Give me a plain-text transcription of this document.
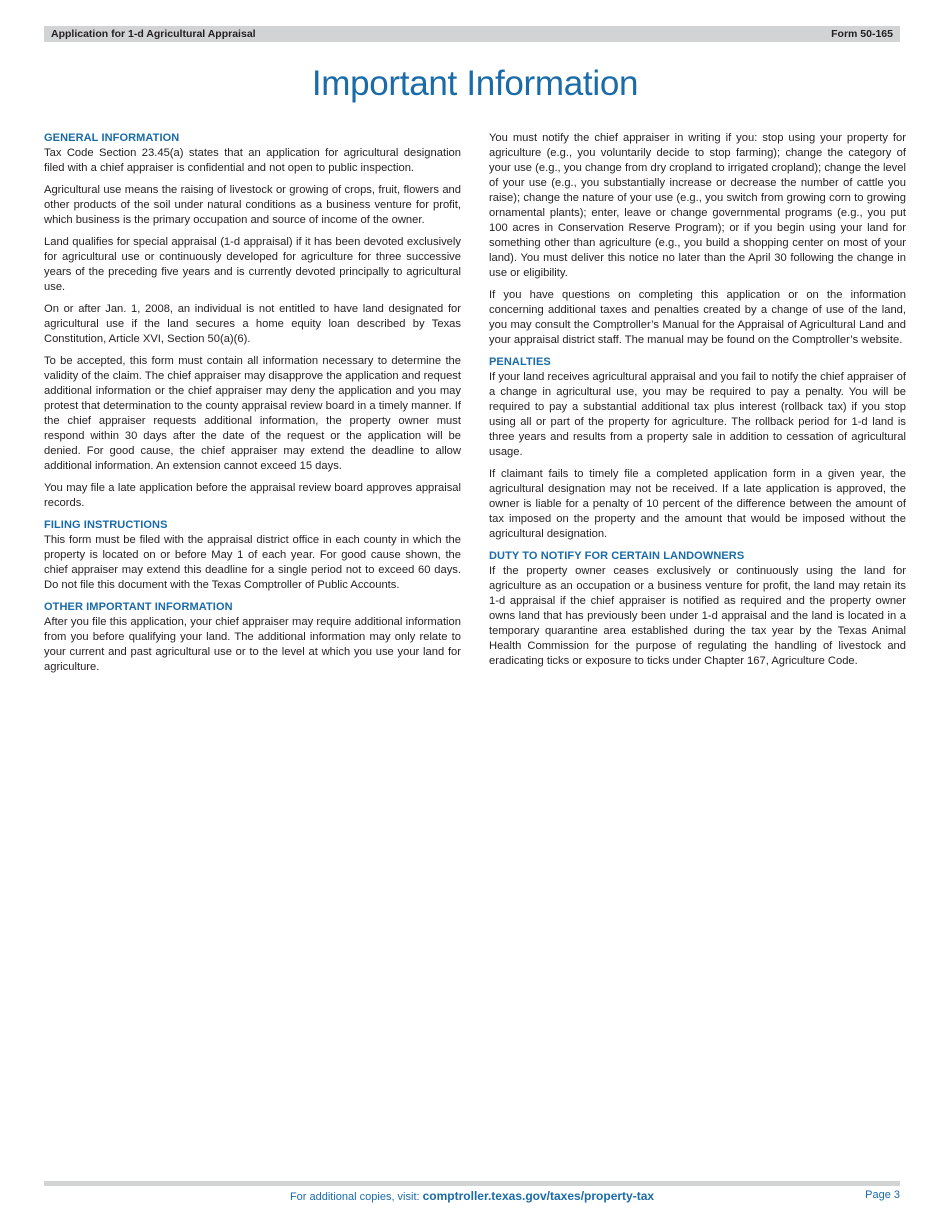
Application for 1-d Agricultural Appraisal	Form 50-165
Important Information
GENERAL INFORMATION

Tax Code Section 23.45(a) states that an application for agricultural designation filed with a chief appraiser is confidential and not open to public inspection.

Agricultural use means the raising of livestock or growing of crops, fruit, flowers and other products of the soil under natural conditions as a business venture for profit, which business is the primary occupation and source of income of the owner.

Land qualifies for special appraisal (1-d appraisal) if it has been devoted exclusively for agricultural use or continuously developed for agriculture for three successive years of the preceding five years and is currently devoted principally to agricultural use.

On or after Jan. 1, 2008, an individual is not entitled to have land designated for agricultural use if the land secures a home equity loan described by Texas Constitution, Article XVI, Section 50(a)(6).

To be accepted, this form must contain all information necessary to determine the validity of the claim. The chief appraiser may disapprove the application and request additional information or the chief appraiser may deny the application and you may protest that determination to the county appraisal review board in a timely manner. If the chief appraiser requests additional information, the property owner must respond within 30 days after the date of the request or the application will be denied. For good cause, the chief appraiser may extend the deadline to allow additional information. An extension cannot exceed 15 days.

You may file a late application before the appraisal review board approves appraisal records.

FILING INSTRUCTIONS

This form must be filed with the appraisal district office in each county in which the property is located on or before May 1 of each year. For good cause shown, the chief appraiser may extend this deadline for a single period not to exceed 60 days. Do not file this document with the Texas Comptroller of Public Accounts.

OTHER IMPORTANT INFORMATION

After you file this application, your chief appraiser may require additional information from you before qualifying your land. The additional information may only relate to your current and past agricultural use or to the level at which you use your land for agriculture.

You must notify the chief appraiser in writing if you: stop using your property for agriculture (e.g., you voluntarily decide to stop farming); change the category of your use (e.g., you change from dry cropland to irrigated cropland); change the level of your use (e.g., you substantially increase or decrease the number of cattle you raise); change the nature of your use (e.g., you switch from growing corn to growing ornamental plants); enter, leave or change governmental programs (e.g., you put 100 acres in Conservation Reserve Program); or if you begin using your land for something other than agriculture (e.g., you build a shopping center on most of your land). You must deliver this notice no later than the April 30 following the change in use or eligibility.

If you have questions on completing this application or on the information concerning additional taxes and penalties created by a change of use of the land, you may consult the Comptroller’s Manual for the Appraisal of Agricultural Land and your appraisal district staff. The manual may be found on the Comptroller’s website.

PENALTIES

If your land receives agricultural appraisal and you fail to notify the chief appraiser of a change in agricultural use, you may be required to pay a penalty. You will be required to pay a substantial additional tax plus interest (rollback tax) if you stop using all or part of the property for agriculture. The rollback period for 1-d land is three years and results from a property sale in addition to cessation of agricultural usage.

If claimant fails to timely file a completed application form in a given year, the agricultural designation may not be received. If a late application is approved, the owner is liable for a penalty of 10 percent of the difference between the amount of tax imposed on the property and the amount that would be imposed without the agricultural designation.

DUTY TO NOTIFY FOR CERTAIN LANDOWNERS

If the property owner ceases exclusively or continuously using the land for agriculture as an occupation or a business venture for profit, the land may retain its 1-d appraisal if the chief appraiser is notified as required and the property owner owns land that has previously been under 1-d appraisal and the land is located in a temporary quarantine area established during the tax year by the Texas Animal Health Commission for the purpose of regulating the handling of livestock and eradicating ticks or exposure to ticks under Chapter 167, Agriculture Code.

For additional copies, visit: comptroller.texas.gov/taxes/property-tax	Page 3
